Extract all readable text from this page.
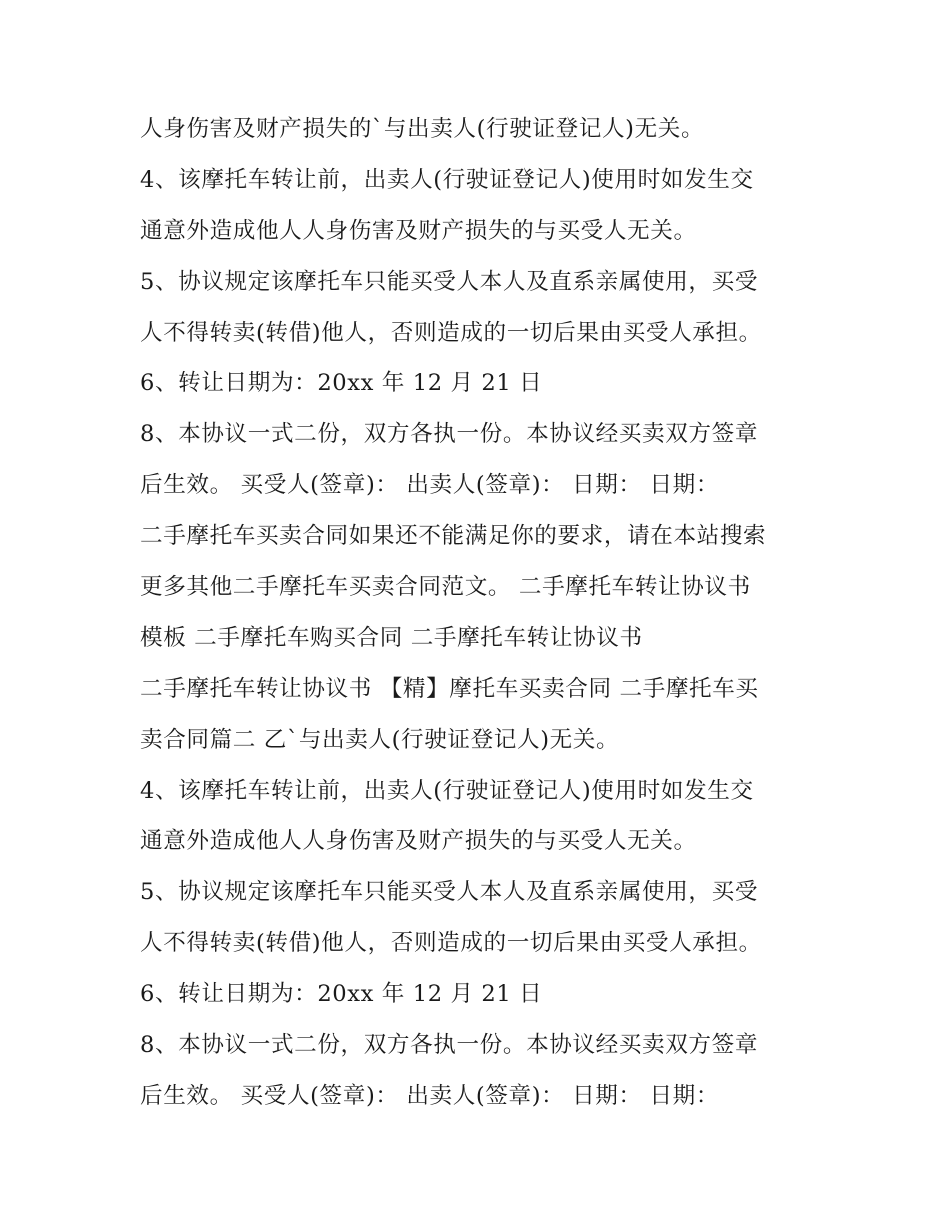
人身伤害及财产损失的`与出卖人(行驶证登记人)无关。
4、该摩托车转让前，出卖人(行驶证登记人)使用时如发生交
通意外造成他人人身伤害及财产损失的与买受人无关。
5、协议规定该摩托车只能买受人本人及直系亲属使用，买受
人不得转卖(转借)他人，否则造成的一切后果由买受人承担。
6、转让日期为：20xx 年 12 月 21 日
8、本协议一式二份，双方各执一份。本协议经买卖双方签章
后生效。 买受人(签章)： 出卖人(签章)： 日期： 日期：
二手摩托车买卖合同如果还不能满足你的要求，请在本站搜索
更多其他二手摩托车买卖合同范文。 二手摩托车转让协议书
模板 二手摩托车购买合同 二手摩托车转让协议书
二手摩托车转让协议书 【精】摩托车买卖合同 二手摩托车买
卖合同篇二 乙`与出卖人(行驶证登记人)无关。
4、该摩托车转让前，出卖人(行驶证登记人)使用时如发生交
通意外造成他人人身伤害及财产损失的与买受人无关。
5、协议规定该摩托车只能买受人本人及直系亲属使用，买受
人不得转卖(转借)他人，否则造成的一切后果由买受人承担。
6、转让日期为：20xx 年 12 月 21 日
8、本协议一式二份，双方各执一份。本协议经买卖双方签章
后生效。 买受人(签章)： 出卖人(签章)： 日期： 日期：
